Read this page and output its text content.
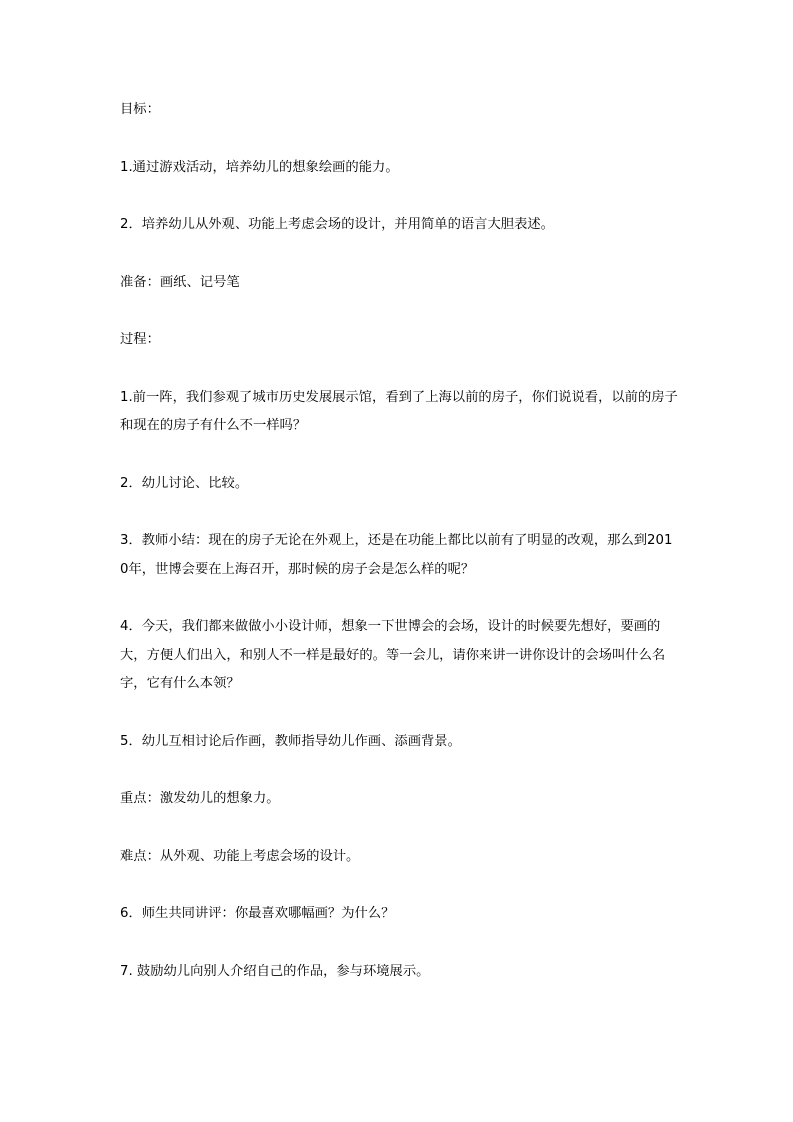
目标：

1.通过游戏活动，培养幼儿的想象绘画的能力。

2．培养幼儿从外观、功能上考虑会场的设计，并用简单的语言大胆表述。

准备：画纸、记号笔

过程：

1.前一阵，我们参观了城市历史发展展示馆，看到了上海以前的房子，你们说说看，以前的房子和现在的房子有什么不一样吗？

2．幼儿讨论、比较。

3．教师小结：现在的房子无论在外观上，还是在功能上都比以前有了明显的改观，那么到2010年，世博会要在上海召开，那时候的房子会是怎么样的呢？

4．今天，我们都来做做小小设计师，想象一下世博会的会场，设计的时候要先想好，要画的大，方便人们出入，和别人不一样是最好的。等一会儿，请你来讲一讲你设计的会场叫什么名字，它有什么本领？

5．幼儿互相讨论后作画，教师指导幼儿作画、添画背景。

重点：激发幼儿的想象力。

难点：从外观、功能上考虑会场的设计。

6．师生共同讲评：你最喜欢哪幅画？为什么？

7. 鼓励幼儿向别人介绍自己的作品，参与环境展示。
